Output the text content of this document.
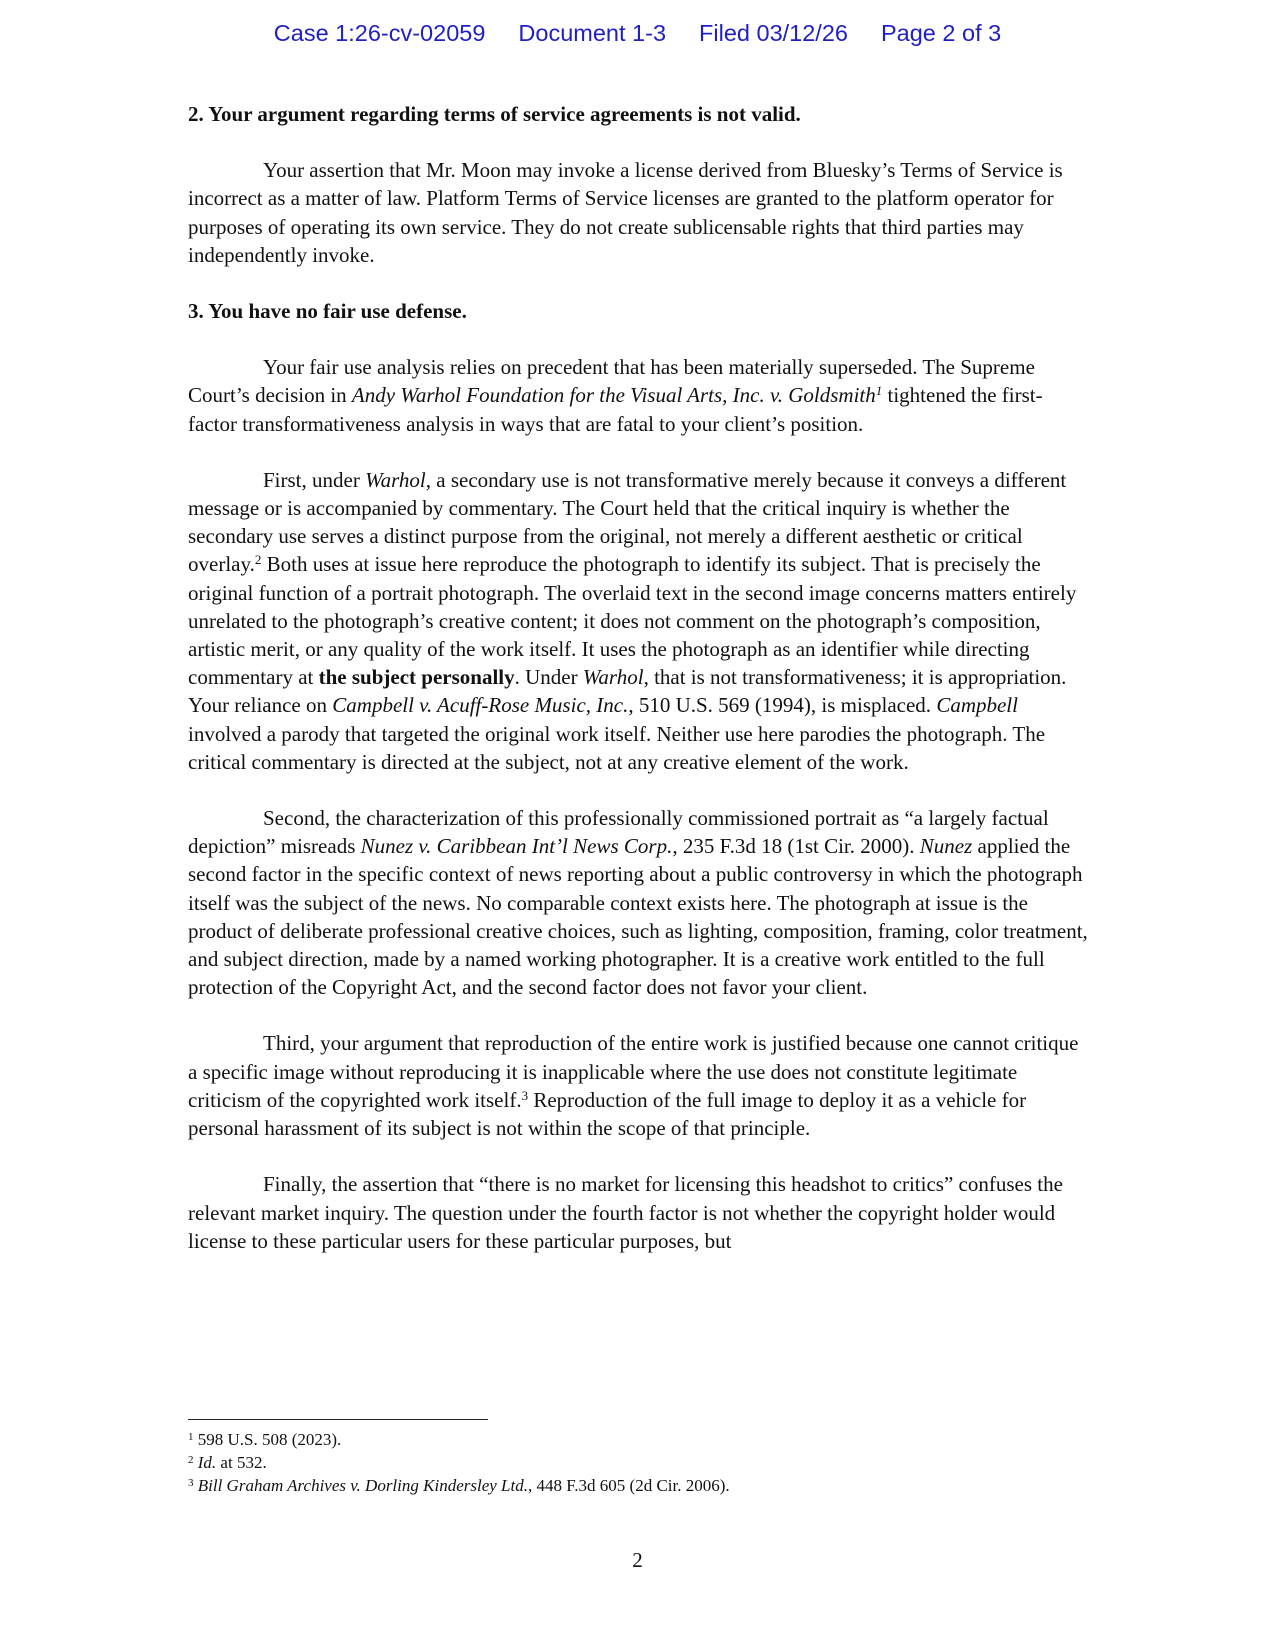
Case 1:26-cv-02059 Document 1-3 Filed 03/12/26 Page 2 of 3

2. Your argument regarding terms of service agreements is not valid.

Your assertion that Mr. Moon may invoke a license derived from Bluesky’s Terms of Service is incorrect as a matter of law. Platform Terms of Service licenses are granted to the platform operator for purposes of operating its own service. They do not create sublicensable rights that third parties may independently invoke.

3. You have no fair use defense.

Your fair use analysis relies on precedent that has been materially superseded. The Supreme Court’s decision in Andy Warhol Foundation for the Visual Arts, Inc. v. Goldsmith$^1$ tightened the first-factor transformativeness analysis in ways that are fatal to your client’s position.

First, under Warhol, a secondary use is not transformative merely because it conveys a different message or is accompanied by commentary. The Court held that the critical inquiry is whether the secondary use serves a distinct purpose from the original, not merely a different aesthetic or critical overlay.$^2$ Both uses at issue here reproduce the photograph to identify its subject. That is precisely the original function of a portrait photograph. The overlaid text in the second image concerns matters entirely unrelated to the photograph’s creative content; it does not comment on the photograph’s composition, artistic merit, or any quality of the work itself. It uses the photograph as an identifier while directing commentary at the subject personally. Under Warhol, that is not transformativeness; it is appropriation. Your reliance on Campbell v. Acuff-Rose Music, Inc., 510 U.S. 569 (1994), is misplaced. Campbell involved a parody that targeted the original work itself. Neither use here parodies the photograph. The critical commentary is directed at the subject, not at any creative element of the work.

Second, the characterization of this professionally commissioned portrait as “a largely factual depiction” misreads Nunez v. Caribbean Int’l News Corp., 235 F.3d 18 (1st Cir. 2000). Nunez applied the second factor in the specific context of news reporting about a public controversy in which the photograph itself was the subject of the news. No comparable context exists here. The photograph at issue is the product of deliberate professional creative choices, such as lighting, composition, framing, color treatment, and subject direction, made by a named working photographer. It is a creative work entitled to the full protection of the Copyright Act, and the second factor does not favor your client.

Third, your argument that reproduction of the entire work is justified because one cannot critique a specific image without reproducing it is inapplicable where the use does not constitute legitimate criticism of the copyrighted work itself.$^3$ Reproduction of the full image to deploy it as a vehicle for personal harassment of its subject is not within the scope of that principle.

Finally, the assertion that “there is no market for licensing this headshot to critics” confuses the relevant market inquiry. The question under the fourth factor is not whether the copyright holder would license to these particular users for these particular purposes, but

$^1$ 598 U.S. 508 (2023).
$^2$ Id. at 532.
$^3$ Bill Graham Archives v. Dorling Kindersley Ltd., 448 F.3d 605 (2d Cir. 2006).
2
